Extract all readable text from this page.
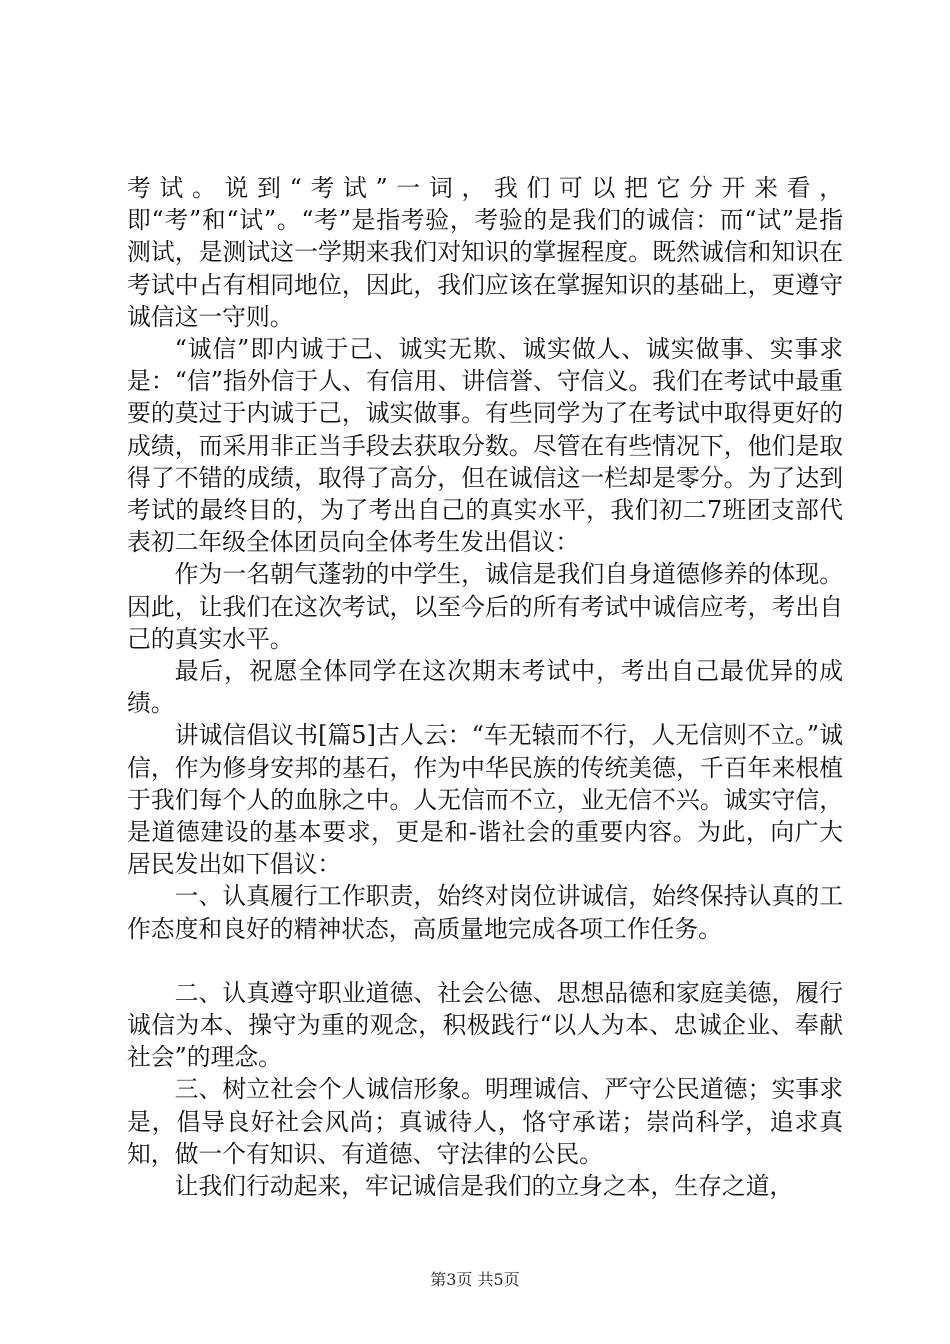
考试。说到“考试”一词，我们可以把它分开来看，即“考”和“试”。“考”是指考验，考验的是我们的诚信：而“试”是指测试，是测试这一学期来我们对知识的掌握程度。既然诚信和知识在考试中占有相同地位，因此，我们应该在掌握知识的基础上，更遵守诚信这一守则。

“诚信”即内诚于己、诚实无欺、诚实做人、诚实做事、实事求是：“信”指外信于人、有信用、讲信誉、守信义。我们在考试中最重要的莫过于内诚于己，诚实做事。有些同学为了在考试中取得更好的成绩，而采用非正当手段去获取分数。尽管在有些情况下，他们是取得了不错的成绩，取得了高分，但在诚信这一栏却是零分。为了达到考试的最终目的，为了考出自己的真实水平，我们初二7班团支部代表初二年级全体团员向全体考生发出倡议：

作为一名朝气蓬勃的中学生，诚信是我们自身道德修养的体现。因此，让我们在这次考试，以至今后的所有考试中诚信应考，考出自己的真实水平。

最后，祝愿全体同学在这次期末考试中，考出自己最优异的成绩。

讲诚信倡议书[篇5]古人云：“车无辕而不行，人无信则不立。”诚信，作为修身安邦的基石，作为中华民族的传统美德，千百年来根植于我们每个人的血脉之中。人无信而不立，业无信不兴。诚实守信，是道德建设的基本要求，更是和-谐社会的重要内容。为此，向广大居民发出如下倡议：

一、认真履行工作职责，始终对岗位讲诚信，始终保持认真的工作态度和良好的精神状态，高质量地完成各项工作任务。

二、认真遵守职业道德、社会公德、思想品德和家庭美德，履行诚信为本、操守为重的观念，积极践行“以人为本、忠诚企业、奉献社会”的理念。

三、树立社会个人诚信形象。明理诚信、严守公民道德；实事求是，倡导良好社会风尚；真诚待人，恪守承诺；崇尚科学，追求真知，做一个有知识、有道德、守法律的公民。

让我们行动起来，牢记诚信是我们的立身之本，生存之道，

第3页 共5页
